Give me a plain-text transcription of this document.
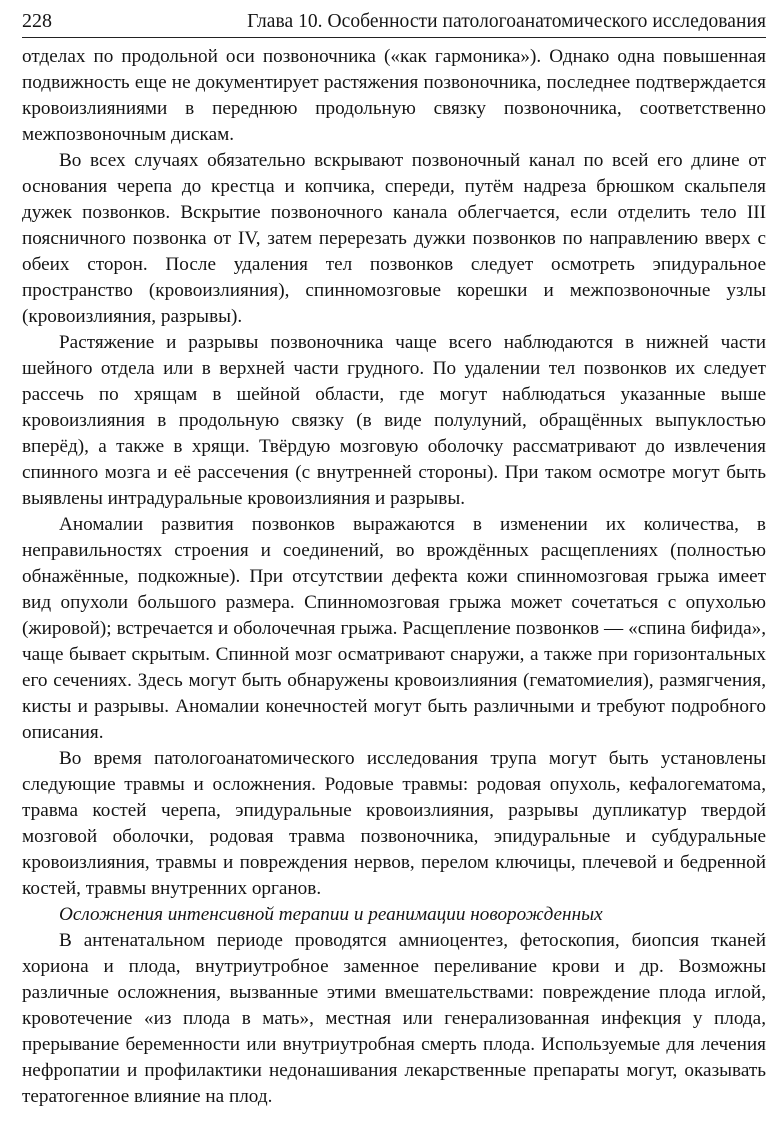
228	Глава 10. Особенности патологоанатомического исследования

отделах по продольной оси позвоночника («как гармоника»). Однако одна повышенная подвижность еще не документирует растяжения позвоночника, последнее подтверждается кровоизлияниями в переднюю продольную связку позвоночника, соответственно межпозвоночным дискам.

Во всех случаях обязательно вскрывают позвоночный канал по всей его длине от основания черепа до крестца и копчика, спереди, путём надреза брюшком скальпеля дужек позвонков. Вскрытие позвоночного канала облегчается, если отделить тело III поясничного позвонка от IV, затем перерезать дужки позвонков по направлению вверх с обеих сторон. После удаления тел позвонков следует осмотреть эпидуральное пространство (кровоизлияния), спинномозговые корешки и межпозвоночные узлы (кровоизлияния, разрывы).

Растяжение и разрывы позвоночника чаще всего наблюдаются в нижней части шейного отдела или в верхней части грудного. По удалении тел позвонков их следует рассечь по хрящам в шейной области, где могут наблюдаться указанные выше кровоизлияния в продольную связку (в виде полулуний, обращённых выпуклостью вперёд), а также в хрящи. Твёрдую мозговую оболочку рассматривают до извлечения спинного мозга и её рассечения (с внутренней стороны). При таком осмотре могут быть выявлены интрадуральные кровоизлияния и разрывы.

Аномалии развития позвонков выражаются в изменении их количества, в неправильностях строения и соединений, во врождённых расщеплениях (полностью обнажённые, подкожные). При отсутствии дефекта кожи спинномозговая грыжа имеет вид опухоли большого размера. Спинномозговая грыжа может сочетаться с опухолью (жировой); встречается и оболочечная грыжа. Расщепление позвонков — «спина бифида», чаще бывает скрытым. Спинной мозг осматривают снаружи, а также при горизонтальных его сечениях. Здесь могут быть обнаружены кровоизлияния (гематомиелия), размягчения, кисты и разрывы. Аномалии конечностей могут быть различными и требуют подробного описания.

Во время патологоанатомического исследования трупа могут быть установлены следующие травмы и осложнения. Родовые травмы: родовая опухоль, кефалогематома, травма костей черепа, эпидуральные кровоизлияния, разрывы дупликатур твердой мозговой оболочки, родовая травма позвоночника, эпидуральные и субдуральные кровоизлияния, травмы и повреждения нервов, перелом ключицы, плечевой и бедренной костей, травмы внутренних органов.

Осложнения интенсивной терапии и реанимации новорожденных

В антенатальном периоде проводятся амниоцентез, фетоскопия, биопсия тканей хориона и плода, внутриутробное заменное переливание крови и др. Возможны различные осложнения, вызванные этими вмешательствами: повреждение плода иглой, кровотечение «из плода в мать», местная или генерализованная инфекция у плода, прерывание беременности или внутриутробная смерть плода. Используемые для лечения нефропатии и профилактики недонашивания лекарственные препараты могут, оказывать тератогенное влияние на плод.
